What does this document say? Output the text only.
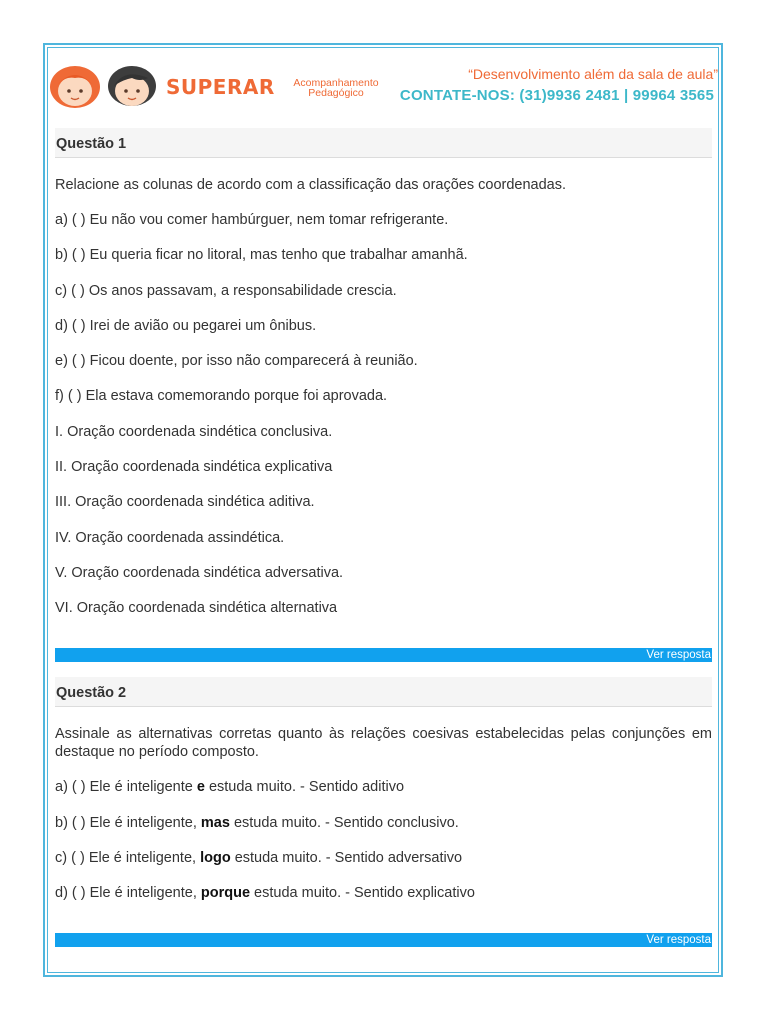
SUPERAR	Acompanhamento
Pedagógico
“Desenvolvimento além da sala de aula”
CONTATE-NOS: (31)9936 2481 | 99964 3565
Questão 1
Relacione as colunas de acordo com a classificação das orações coordenadas.
a) ( ) Eu não vou comer hambúrguer, nem tomar refrigerante.
b) ( ) Eu queria ficar no litoral, mas tenho que trabalhar amanhã.
c) ( ) Os anos passavam, a responsabilidade crescia.
d) ( ) Irei de avião ou pegarei um ônibus.
e) ( ) Ficou doente, por isso não comparecerá à reunião.
f) ( ) Ela estava comemorando porque foi aprovada.
I. Oração coordenada sindética conclusiva.
II. Oração coordenada sindética explicativa
III. Oração coordenada sindética aditiva.
IV. Oração coordenada assindética.
V. Oração coordenada sindética adversativa.
VI. Oração coordenada sindética alternativa
Ver resposta
Questão 2
Assinale as alternativas corretas quanto às relações coesivas estabelecidas pelas conjunções em destaque no período composto.
a) ( ) Ele é inteligente e estuda muito. - Sentido aditivo
b) ( ) Ele é inteligente, mas estuda muito. - Sentido conclusivo.
c) ( ) Ele é inteligente, logo estuda muito. - Sentido adversativo
d) ( ) Ele é inteligente, porque estuda muito. - Sentido explicativo
Ver resposta
